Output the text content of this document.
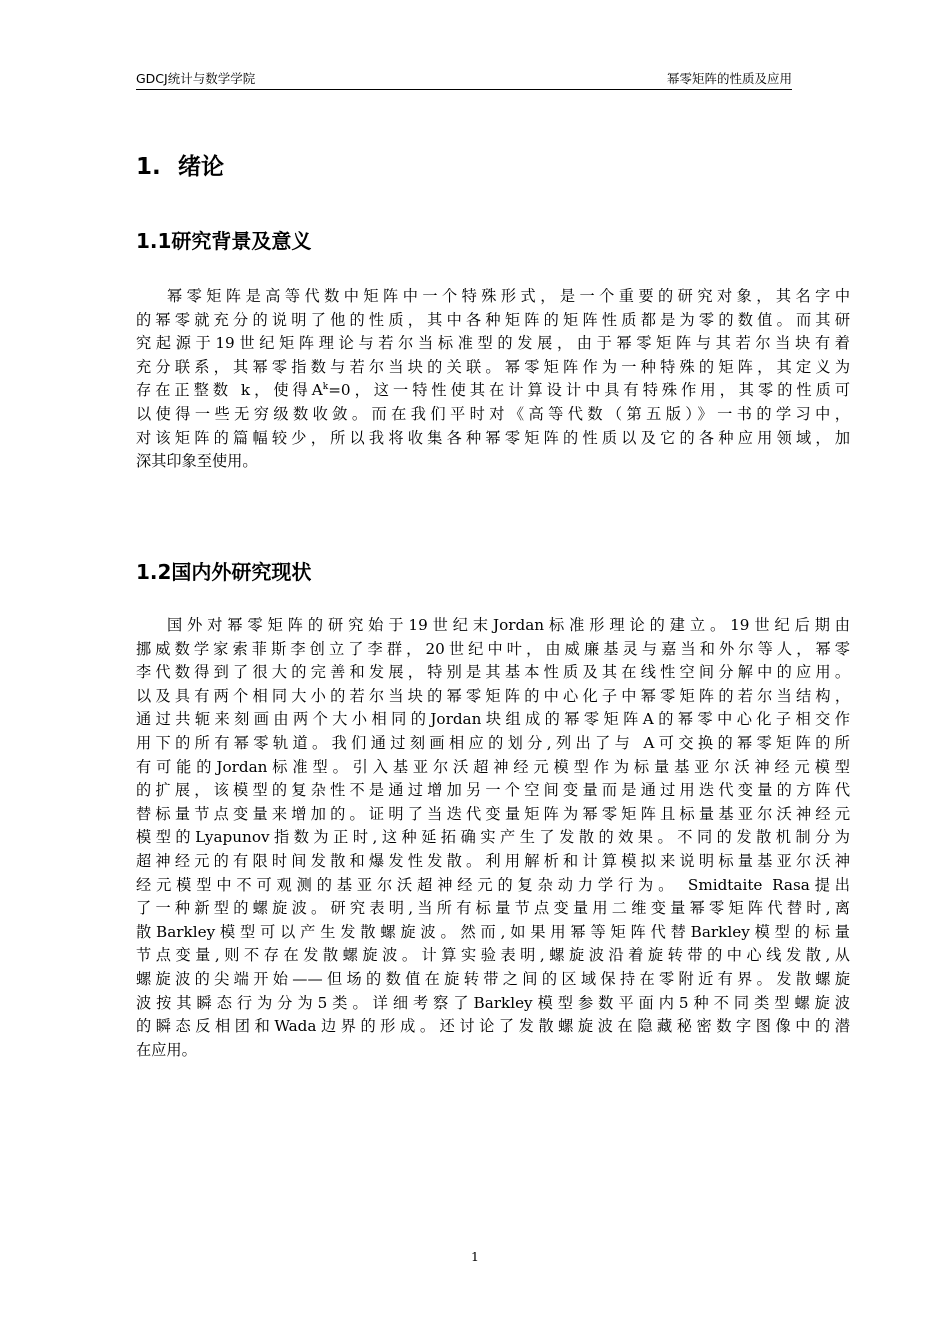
GDCJ统计与数学学院	幂零矩阵的性质及应用
1. 绪论
1.1研究背景及意义
幂零矩阵是高等代数中矩阵中一个特殊形式，是一个重要的研究对象，其名字中
的幂零就充分的说明了他的性质，其中各种矩阵的矩阵性质都是为零的数值。而其研
究起源于19世纪矩阵理论与若尔当标准型的发展，由于幂零矩阵与其若尔当块有着
充分联系，其幂零指数与若尔当块的关联。幂零矩阵作为一种特殊的矩阵，其定义为
存在正整数 k，使得$A^k=0$，这一特性使其在计算设计中具有特殊作用，其零的性质可
以使得一些无穷级数收敛。而在我们平时对《高等代数（第五版）》一书的学习中，
对该矩阵的篇幅较少，所以我将收集各种幂零矩阵的性质以及它的各种应用领域，加
深其印象至使用。
1.2国内外研究现状
国外对幂零矩阵的研究始于19世纪末Jordan标准形理论的建立。19世纪后期由
挪威数学家索菲斯李创立了李群，20世纪中叶，由威廉基灵与嘉当和外尔等人，幂零
李代数得到了很大的完善和发展，特别是其基本性质及其在线性空间分解中的应用。
以及具有两个相同大小的若尔当块的幂零矩阵的中心化子中幂零矩阵的若尔当结构，
通过共轭来刻画由两个大小相同的Jordan块组成的幂零矩阵A的幂零中心化子相交作
用下的所有幂零轨道。我们通过刻画相应的划分,列出了与 A可交换的幂零矩阵的所
有可能的Jordan标准型。引入基亚尔沃超神经元模型作为标量基亚尔沃神经元模型
的扩展，该模型的复杂性不是通过增加另一个空间变量而是通过用迭代变量的方阵代
替标量节点变量来增加的。证明了当迭代变量矩阵为幂零矩阵且标量基亚尔沃神经元
模型的Lyapunov指数为正时,这种延拓确实产生了发散的效果。不同的发散机制分为
超神经元的有限时间发散和爆发性发散。利用解析和计算模拟来说明标量基亚尔沃神
经元模型中不可观测的基亚尔沃超神经元的复杂动力学行为。 Smidtaite Rasa提出
了一种新型的螺旋波。研究表明,当所有标量节点变量用二维变量幂零矩阵代替时,离
散Barkley模型可以产生发散螺旋波。然而,如果用幂等矩阵代替Barkley模型的标量
节点变量,则不存在发散螺旋波。计算实验表明,螺旋波沿着旋转带的中心线发散,从
螺旋波的尖端开始——但场的数值在旋转带之间的区域保持在零附近有界。发散螺旋
波按其瞬态行为分为5类。详细考察了Barkley模型参数平面内5种不同类型螺旋波
的瞬态反相团和Wada边界的形成。还讨论了发散螺旋波在隐藏秘密数字图像中的潜
在应用。
1
